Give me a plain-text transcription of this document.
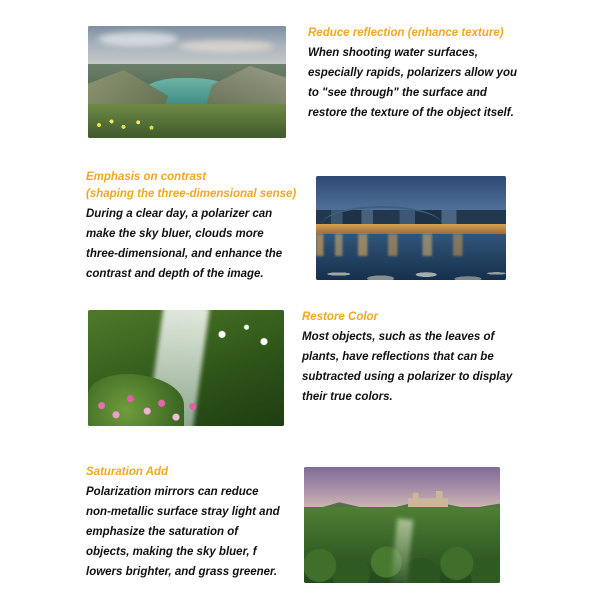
Reduce reflection (enhance texture)

When shooting water surfaces, especially rapids, polarizers allow you to "see through" the surface and restore the texture of the object itself.

Emphasis on contrast

(shaping the three-dimensional sense)

During a clear day, a polarizer can make the sky bluer, clouds more three-dimensional, and enhance the contrast and depth of the image.

Restore Color

Most objects, such as the leaves of plants, have reflections that can be subtracted using a polarizer to display their true colors.

Saturation Add

Polarization mirrors can reduce non-metallic surface stray light and emphasize the saturation of objects, making the sky bluer, f lowers brighter, and grass greener.
